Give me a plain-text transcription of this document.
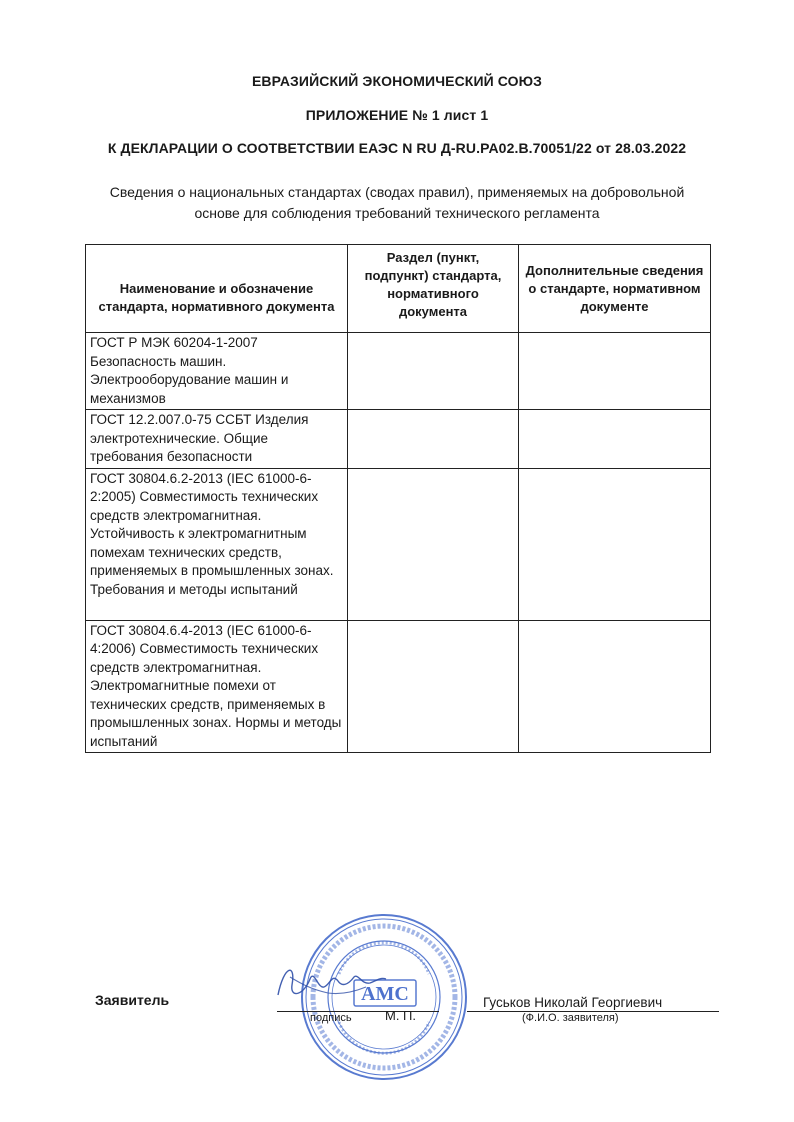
ЕВРАЗИЙСКИЙ ЭКОНОМИЧЕСКИЙ СОЮЗ
ПРИЛОЖЕНИЕ № 1 лист 1
К ДЕКЛАРАЦИИ О СООТВЕТСТВИИ ЕАЭС N RU Д-RU.PA02.B.70051/22 от 28.03.2022
Сведения о национальных стандартах (сводах правил), применяемых на добровольной основе для соблюдения требований технического регламента
Наименование и обозначение стандарта, нормативного документа	Раздел (пункт, подпункт) стандарта, нормативного документа	Дополнительные сведения о стандарте, нормативном документе
ГОСТ Р МЭК 60204-1-2007 Безопасность машин. Электрооборудование машин и механизмов		
ГОСТ 12.2.007.0-75 ССБТ Изделия электротехнические. Общие требования безопасности		
ГОСТ 30804.6.2-2013 (IEC 61000-6-2:2005) Совместимость технических средств электромагнитная. Устойчивость к электромагнитным помехам технических средств, применяемых в промышленных зонах. Требования и методы испытаний		
ГОСТ 30804.6.4-2013 (IEC 61000-6-4:2006) Совместимость технических средств электромагнитная. Электромагнитные помехи от технических средств, применяемых в промышленных зонах. Нормы и методы испытаний		
Заявитель	АМС
подпись	М. П.
Гуськов Николай Георгиевич
(Ф.И.О. заявителя)
